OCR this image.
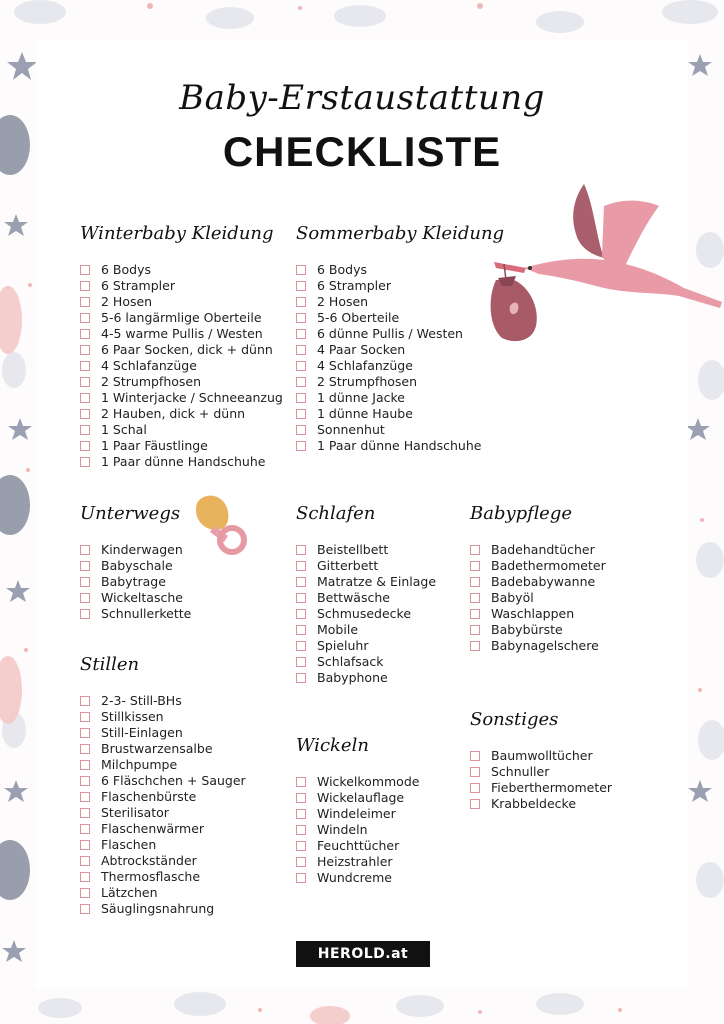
Baby-Erstaustattung
CHECKLISTE
Winterbaby Kleidung
6 Bodys
6 Strampler
2 Hosen
5-6 langärmlige Oberteile
4-5 warme Pullis / Westen
6 Paar Socken, dick + dünn
4 Schlafanzüge
2 Strumpfhosen
1 Winterjacke / Schneeanzug
2 Hauben, dick + dünn
1 Schal
1 Paar Fäustlinge
1 Paar dünne Handschuhe
Sommerbaby Kleidung
6 Bodys
6 Strampler
2 Hosen
5-6 Oberteile
6 dünne Pullis / Westen
4 Paar Socken
4 Schlafanzüge
2 Strumpfhosen
1 dünne Jacke
1 dünne Haube
Sonnenhut
1 Paar dünne Handschuhe
Unterwegs
Kinderwagen
Babyschale
Babytrage
Wickeltasche
Schnullerkette
Schlafen
Beistellbett
Gitterbett
Matratze & Einlage
Bettwäsche
Schmusedecke
Mobile
Spieluhr
Schlafsack
Babyphone
Babypflege
Badehandtücher
Badethermometer
Badebabywanne
Babyöl
Waschlappen
Babybürste
Babynagelschere
Stillen
2-3- Still-BHs
Stillkissen
Still-Einlagen
Brustwarzensalbe
Milchpumpe
6 Fläschchen + Sauger
Flaschenbürste
Sterilisator
Flaschenwärmer
Flaschen
Abtrockständer
Thermosflasche
Lätzchen
Säuglingsnahrung
Wickeln
Wickelkommode
Wickelauflage
Windeleimer
Windeln
Feuchttücher
Heizstrahler
Wundcreme
Sonstiges
Baumwolltücher
Schnuller
Fieberthermometer
Krabbeldecke
HEROLD.at
